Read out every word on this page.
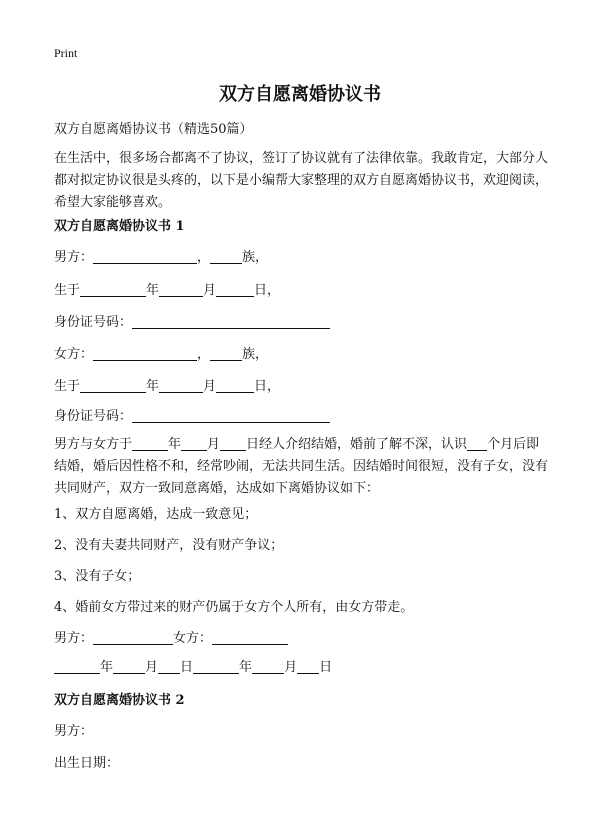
Print
双方自愿离婚协议书

双方自愿离婚协议书（精选50篇）

在生活中，很多场合都离不了协议，签订了协议就有了法律依靠。我敢肯定，大部分人都对拟定协议很是头疼的，以下是小编帮大家整理的双方自愿离婚协议书，欢迎阅读，希望大家能够喜欢。

双方自愿离婚协议书 1

男方：	， 族，

生于	年	月	日，

身份证号码：

女方：	， 族，

生于	年	月	日，

身份证号码：

男方与女方于	年 月 日经人介绍结婚，婚前了解不深，认识 个月后即结婚，婚后因性格不和，经常吵闹，无法共同生活。因结婚时间很短，没有子女，没有共同财产，双方一致同意离婚，达成如下离婚协议如下：

1、双方自愿离婚，达成一致意见；

2、没有夫妻共同财产，没有财产争议；

3、没有子女；

4、婚前女方带过来的财产仍属于女方个人所有，由女方带走。

男方：	女方：

年 月 日	年 月 日

双方自愿离婚协议书 2

男方：

出生日期：
